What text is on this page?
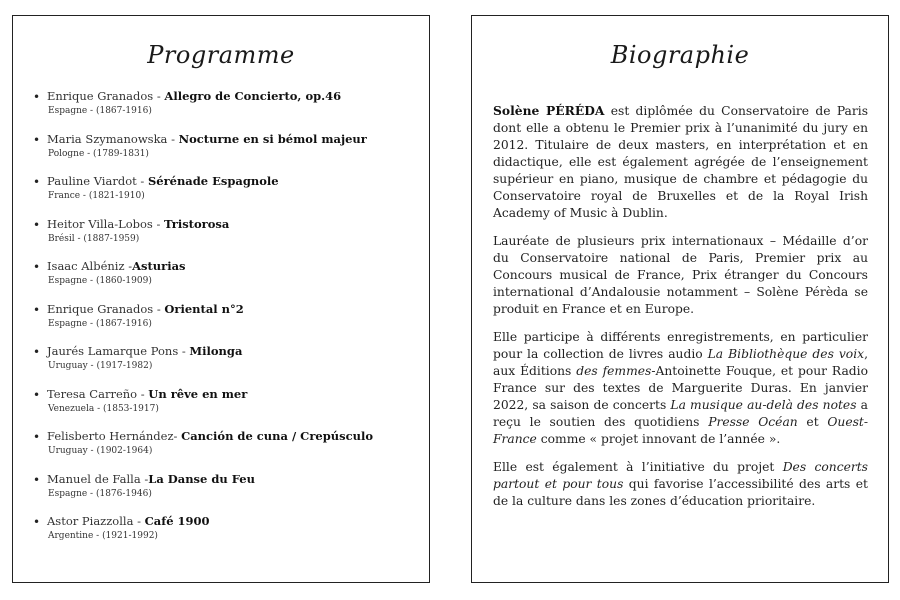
Programme
• Enrique Granados - Allegro de Concierto, op.46
Espagne - (1867-1916)
• Maria Szymanowska - Nocturne en si bémol majeur
Pologne - (1789-1831)
• Pauline Viardot - Sérénade Espagnole
France - (1821-1910)
• Heitor Villa-Lobos - Tristorosa
Brésil - (1887-1959)
• Isaac Albéniz -Asturias
Espagne - (1860-1909)
• Enrique Granados - Oriental n°2
Espagne - (1867-1916)
• Jaurés Lamarque Pons - Milonga
Uruguay - (1917-1982)
• Teresa Carreño - Un rêve en mer
Venezuela - (1853-1917)
• Felisberto Hernández- Canción de cuna / Crepúsculo
Uruguay - (1902-1964)
• Manuel de Falla -La Danse du Feu
Espagne - (1876-1946)
• Astor Piazzolla - Café 1900
Argentine - (1921-1992)
Biographie

Solène PÉRÉDA est diplômée du Conservatoire de Paris dont elle a obtenu le Premier prix à l’unanimité du jury en 2012. Titulaire de deux masters, en interprétation et en didactique, elle est également agrégée de l’enseignement supérieur en piano, musique de chambre et pédagogie du Conservatoire royal de Bruxelles et de la Royal Irish Academy of Music à Dublin.

Lauréate de plusieurs prix internationaux – Médaille d’or du Conservatoire national de Paris, Premier prix au Concours musical de France, Prix étranger du Concours international d’Andalousie notamment – Solène Pérèda se produit en France et en Europe.

Elle participe à différents enregistrements, en particulier pour la collection de livres audio La Bibliothèque des voix, aux Éditions des femmes-Antoinette Fouque, et pour Radio France sur des textes de Marguerite Duras. En janvier 2022, sa saison de concerts La musique au-delà des notes a reçu le soutien des quotidiens Presse Océan et Ouest-France comme « projet innovant de l’année ».

Elle est également à l’initiative du projet Des concerts partout et pour tous qui favorise l’accessibilité des arts et de la culture dans les zones d’éducation prioritaire.
